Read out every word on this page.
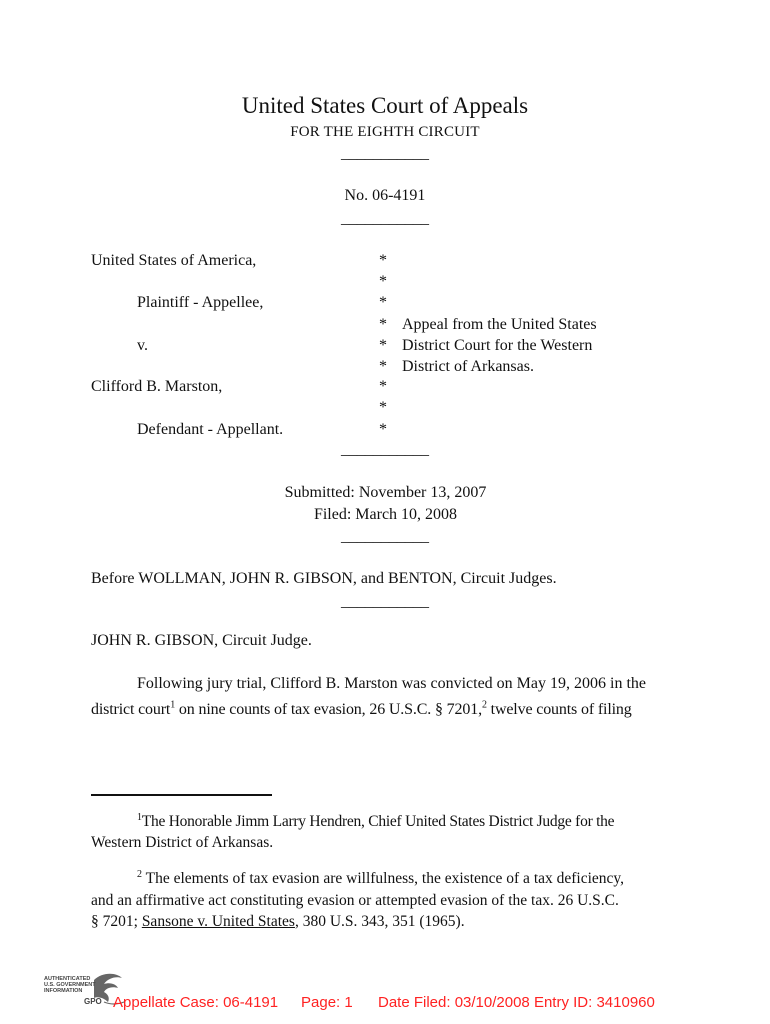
United States Court of Appeals
FOR THE EIGHTH CIRCUIT
___________
No. 06-4191
___________
United States of America,
Plaintiff - Appellee,
v.
Clifford B. Marston,
Defendant - Appellant.
*
*
*
*
*
*
*
*
*
Appeal from the United States
District Court for the Western
District of Arkansas.
___________
Submitted: November 13, 2007
Filed: March 10, 2008
___________
Before WOLLMAN, JOHN R. GIBSON, and BENTON, Circuit Judges.
___________
JOHN R. GIBSON, Circuit Judge.
Following jury trial, Clifford B. Marston was convicted on May 19, 2006 in the
district court$^1$ on nine counts of tax evasion, 26 U.S.C. § 7201,$^2$ twelve counts of filing
$^1$The Honorable Jimm Larry Hendren, Chief United States District Judge for the
Western District of Arkansas.
$^2$ The elements of tax evasion are willfulness, the existence of a tax deficiency,
and an affirmative act constituting evasion or attempted evasion of the tax. 26 U.S.C.
§ 7201; Sansone v. United States, 380 U.S. 343, 351 (1965).
AUTHENTICATED
U.S. GOVERNMENT
INFORMATION
GPO Appellate Case: 06-4191 Page: 1 Date Filed: 03/10/2008 Entry ID: 3410960
